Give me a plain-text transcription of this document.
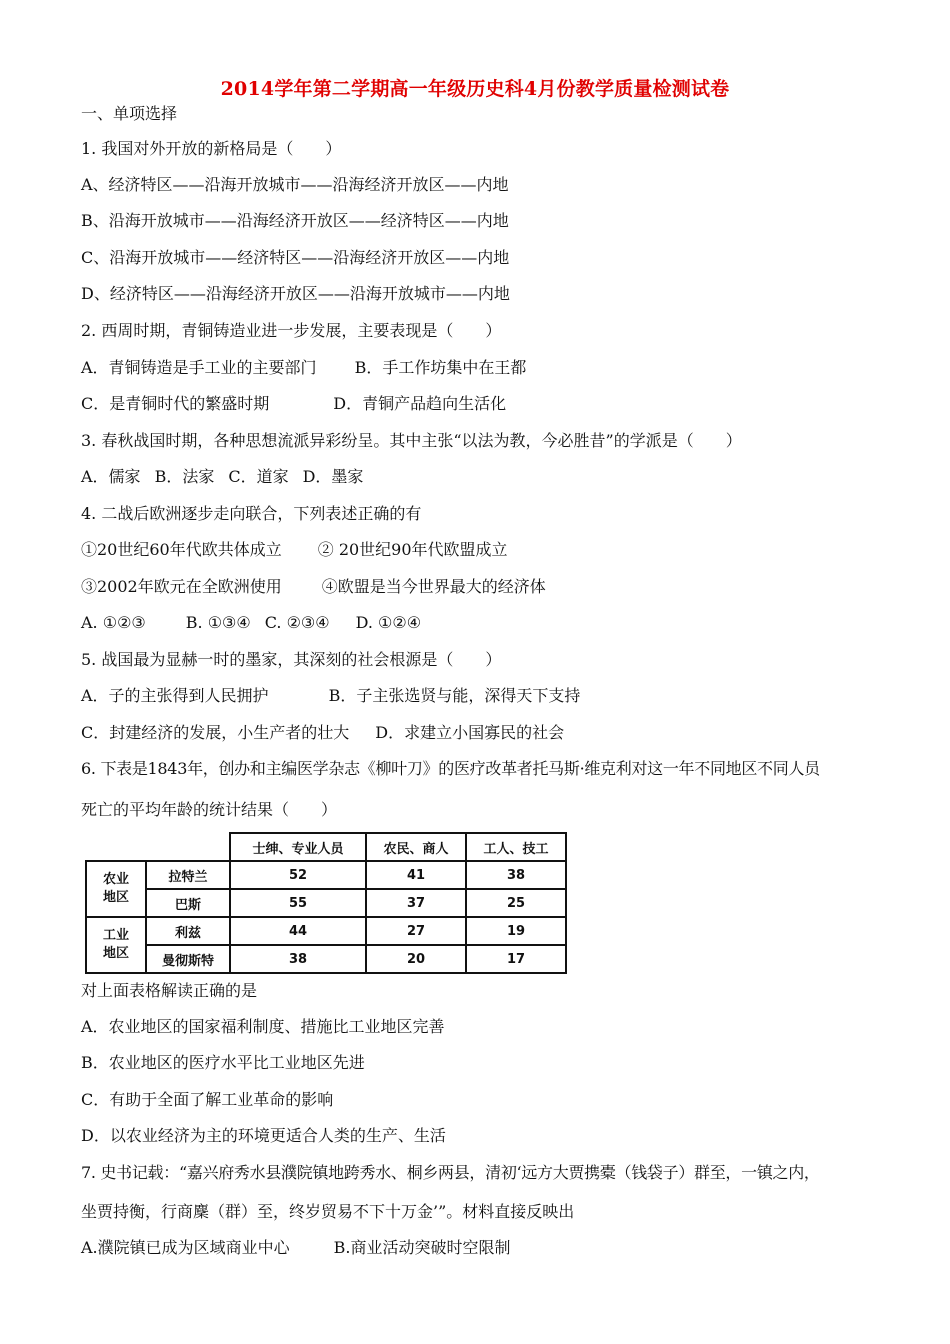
2014学年第二学期高一年级历史科4月份教学质量检测试卷
一、单项选择
1. 我国对外开放的新格局是（　　）
A、经济特区——沿海开放城市——沿海经济开放区——内地
B、沿海开放城市——沿海经济开放区——经济特区——内地
C、沿海开放城市——经济特区——沿海经济开放区——内地
D、经济特区——沿海经济开放区——沿海开放城市——内地
2. 西周时期，青铜铸造业进一步发展，主要表现是（　　）
A．青铜铸造是手工业的主要部门 B．手工作坊集中在王都
C．是青铜时代的繁盛时期	D．青铜产品趋向生活化
3. 春秋战国时期，各种思想流派异彩纷呈。其中主张“以法为教，今必胜昔”的学派是（　　）
A．儒家 B．法家 C．道家 D．墨家
4. 二战后欧洲逐步走向联合，下列表述正确的有
①20世纪60年代欧共体成立 ② 20世纪90年代欧盟成立
③2002年欧元在全欧洲使用	④欧盟是当今世界最大的经济体
A. ①②③	B. ①③④ C. ②③④ D. ①②④
5. 战国最为显赫一时的墨家，其深刻的社会根源是（　　）
A．子的主张得到人民拥护	B．子主张选贤与能，深得天下支持
C．封建经济的发展，小生产者的壮大 D．求建立小国寡民的社会
6. 下表是1843年，创办和主编医学杂志《柳叶刀》的医疗改革者托马斯·维克利对这一年不同地区不同人员
死亡的平均年龄的统计结果（　　）
		士绅、专业人员	农民、商人	工人、技工

农业
地区	拉特兰	52	41	38
	巴斯	55	37	25

工业
地区	利兹	44	27	19
	曼彻斯特	38	20	17
对上面表格解读正确的是
A．农业地区的国家福利制度、措施比工业地区完善
B．农业地区的医疗水平比工业地区先进
C．有助于全面了解工业革命的影响
D．以农业经济为主的环境更适合人类的生产、生活
7. 史书记载：“嘉兴府秀水县濮院镇地跨秀水、桐乡两县，清初‘远方大贾携橐（钱袋子）群至，一镇之内，
坐贾持衡，行商麇（群）至，终岁贸易不下十万金’”。材料直接反映出
A.濮院镇已成为区域商业中心	B.商业活动突破时空限制
